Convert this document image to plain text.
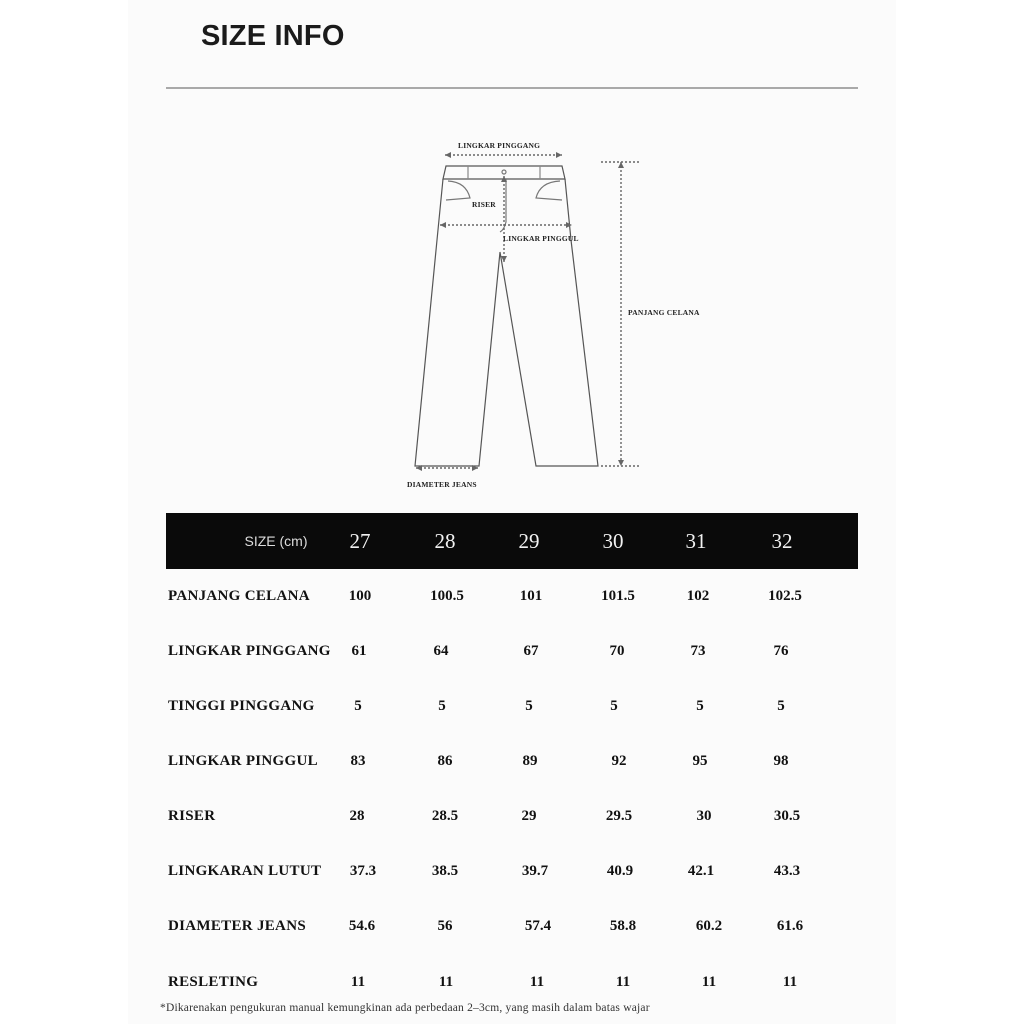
SIZE INFO
LINGKAR PINGGANG
RISER
LINGKAR PINGGUL
PANJANG CELANA
DIAMETER JEANS
SIZE (cm)	27	28	29	30	31	32
PANJANG CELANA	100	100.5	101	101.5	102	102.5
LINGKAR PINGGANG	61	64	67	70	73	76
TINGGI PINGGANG	5	5	5	5	5	5
LINGKAR PINGGUL	83	86	89	92	95	98
RISER	28	28.5	29	29.5	30	30.5
LINGKARAN LUTUT	37.3	38.5	39.7	40.9	42.1	43.3
DIAMETER JEANS	54.6	56	57.4	58.8	60.2	61.6
RESLETING	11	11	11	11	11	11
*Dikarenakan pengukuran manual kemungkinan ada perbedaan 2–3cm, yang masih dalam batas wajar
